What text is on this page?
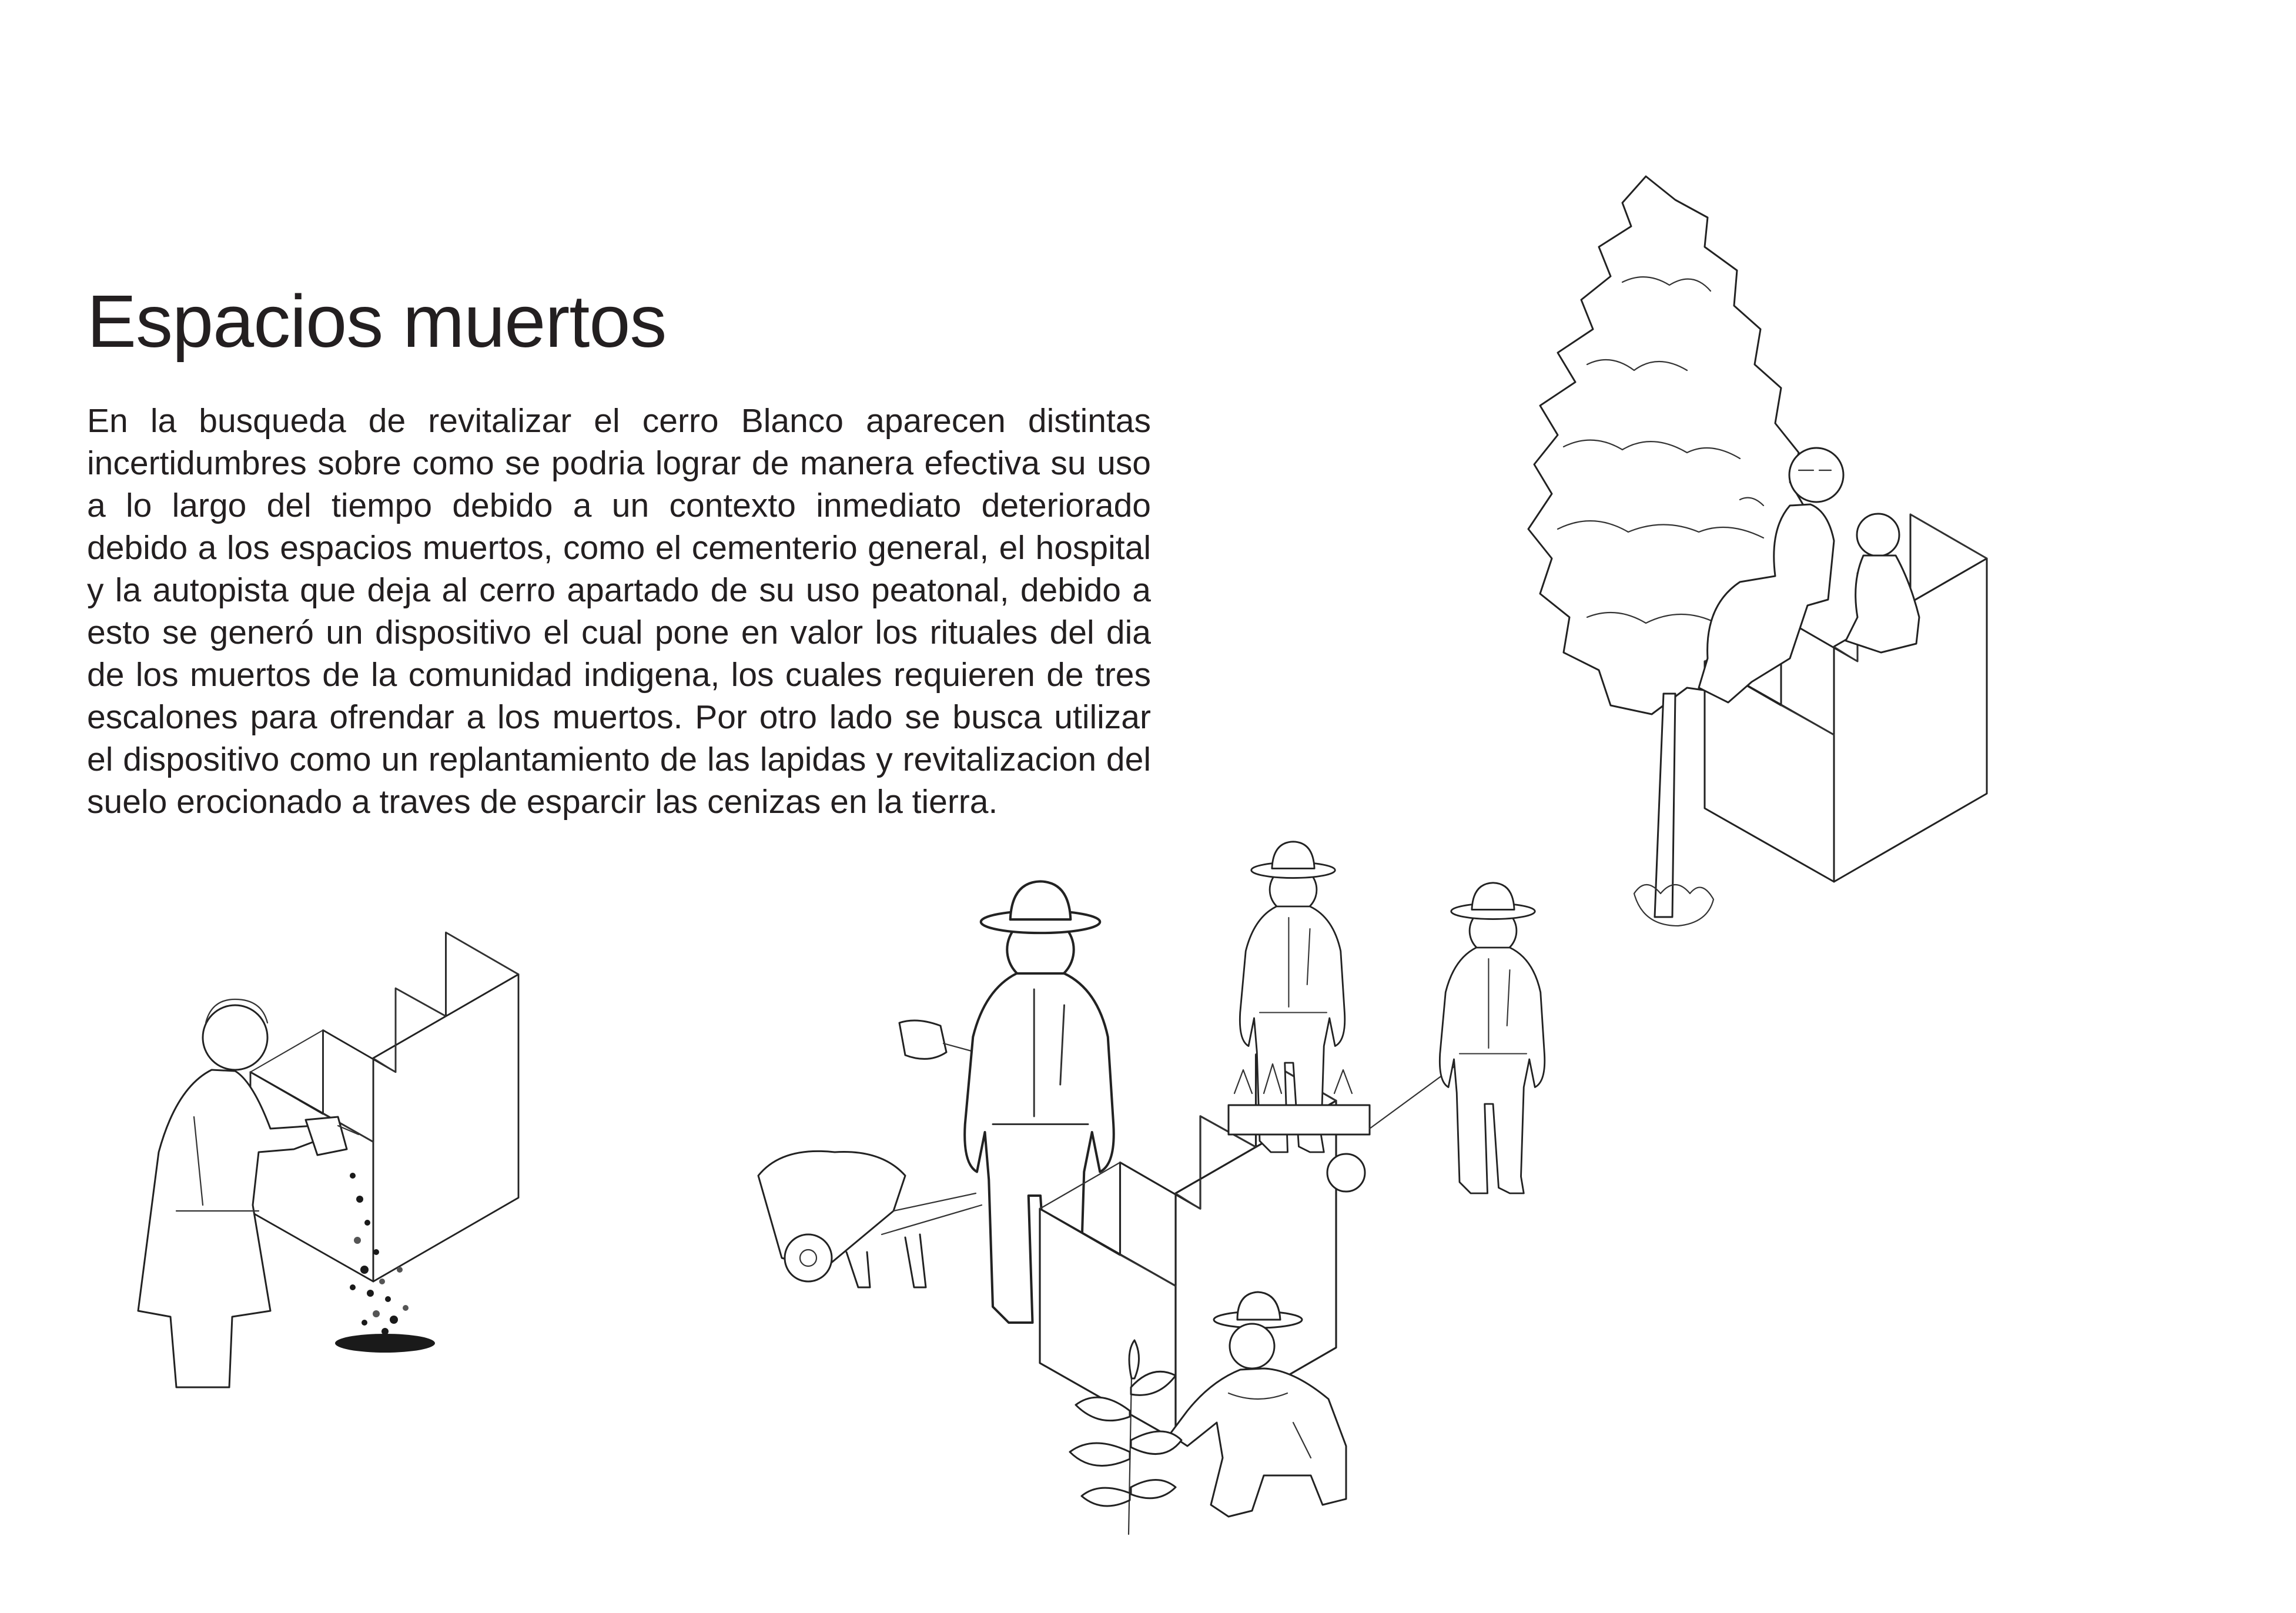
Espacios muertos

En la busqueda de revitalizar el cerro Blanco aparecen distintas incertidumbres sobre como se podria lograr de manera efectiva su uso a lo largo del tiempo debido a un contexto inmediato deteriorado debido a los espacios muertos, como el cementerio general, el hospital y la autopista que deja al cerro apartado de su uso peatonal, debido a esto se generó un dispositivo el cual pone en valor los rituales del dia de los muertos de la comunidad indigena, los cuales requieren de tres escalones para ofrendar a los muertos. Por otro lado se busca utilizar el dispositivo como un replantamiento de las lapidas y revitalizacion del suelo erocionado a traves de esparcir las cenizas en la tierra.
